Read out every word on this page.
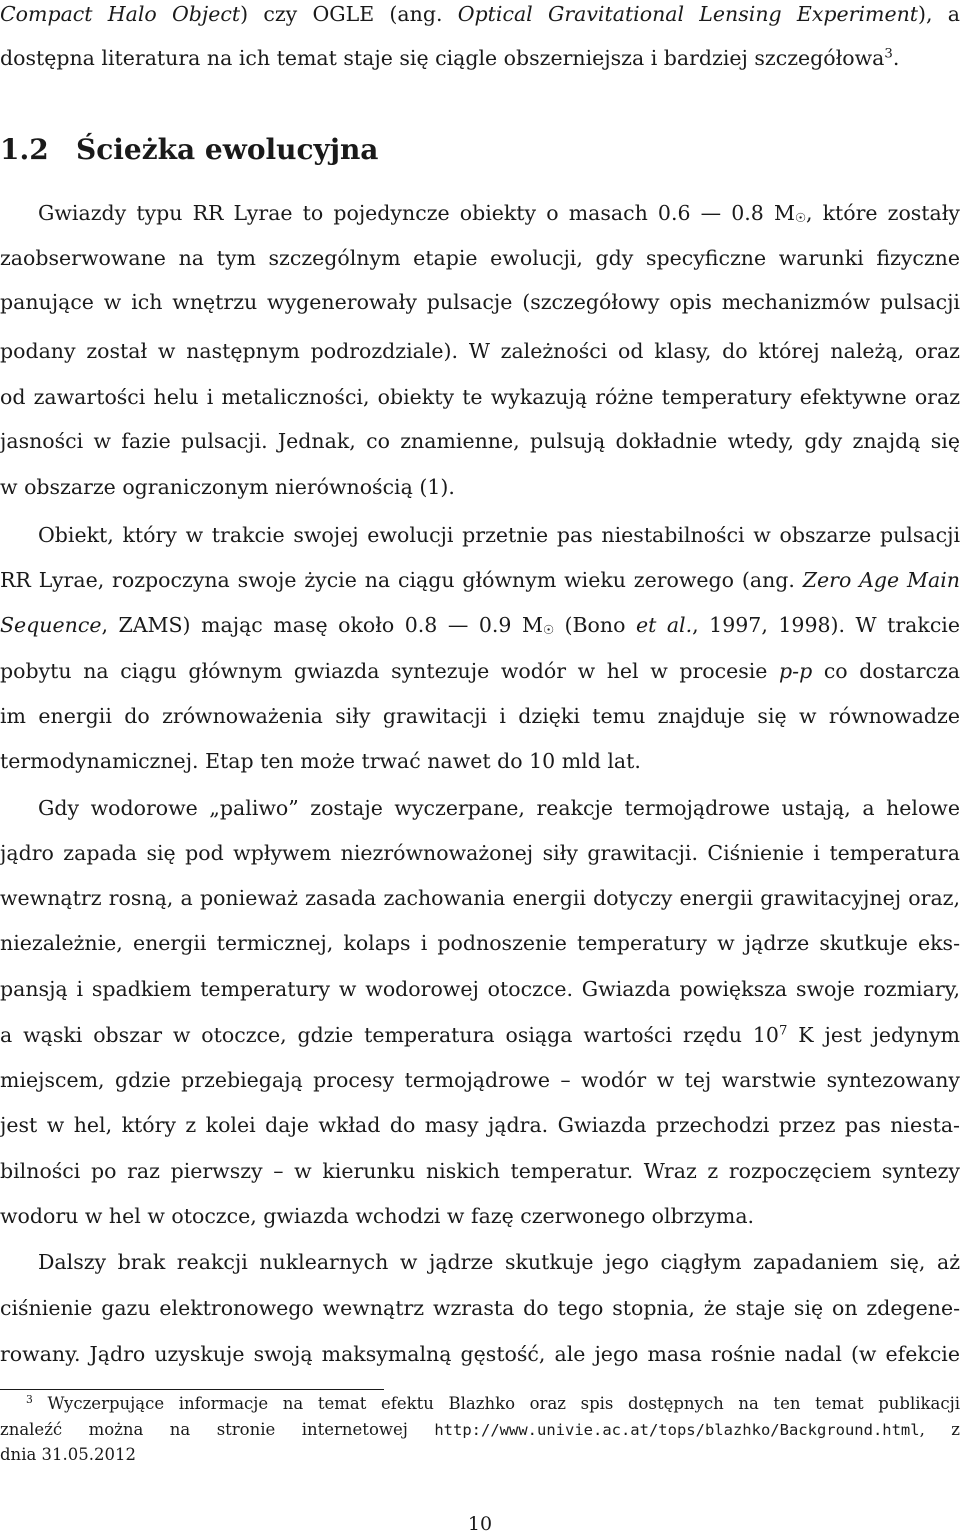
Compact Halo Object) czy OGLE (ang. Optical Gravitational Lensing Experiment), a
dostępna literatura na ich temat staje się ciągle obszerniejsza i bardziej szczegółowa$^3$.
1.2 Ścieżka ewolucyjna
Gwiazdy typu RR Lyrae to pojedyncze obiekty o masach 0.6 — 0.8 $M_☉$, które zostały
zaobserwowane na tym szczególnym etapie ewolucji, gdy specyficzne warunki fizyczne
panujące w ich wnętrzu wygenerowały pulsacje (szczegółowy opis mechanizmów pulsacji
podany został w następnym podrozdziale). W zależności od klasy, do której należą, oraz
od zawartości helu i metaliczności, obiekty te wykazują różne temperatury efektywne oraz
jasności w fazie pulsacji. Jednak, co znamienne, pulsują dokładnie wtedy, gdy znajdą się
w obszarze ograniczonym nierównością (1).
Obiekt, który w trakcie swojej ewolucji przetnie pas niestabilności w obszarze pulsacji
RR Lyrae, rozpoczyna swoje życie na ciągu głównym wieku zerowego (ang. Zero Age Main
Sequence, ZAMS) mając masę około 0.8 — 0.9 $M_☉$ (Bono et al., 1997, 1998). W trakcie
pobytu na ciągu głównym gwiazda syntezuje wodór w hel w procesie p-p co dostarcza
im energii do zrównoważenia siły grawitacji i dzięki temu znajduje się w równowadze
termodynamicznej. Etap ten może trwać nawet do 10 mld lat.
Gdy wodorowe „paliwo” zostaje wyczerpane, reakcje termojądrowe ustają, a helowe
jądro zapada się pod wpływem niezrównoważonej siły grawitacji. Ciśnienie i temperatura
wewnątrz rosną, a ponieważ zasada zachowania energii dotyczy energii grawitacyjnej oraz,
niezależnie, energii termicznej, kolaps i podnoszenie temperatury w jądrze skutkuje eks-
pansją i spadkiem temperatury w wodorowej otoczce. Gwiazda powiększa swoje rozmiary,
a wąski obszar w otoczce, gdzie temperatura osiąga wartości rzędu $10^7$ K jest jedynym
miejscem, gdzie przebiegają procesy termojądrowe – wodór w tej warstwie syntezowany
jest w hel, który z kolei daje wkład do masy jądra. Gwiazda przechodzi przez pas niesta-
bilności po raz pierwszy – w kierunku niskich temperatur. Wraz z rozpoczęciem syntezy
wodoru w hel w otoczce, gwiazda wchodzi w fazę czerwonego olbrzyma.
Dalszy brak reakcji nuklearnych w jądrze skutkuje jego ciągłym zapadaniem się, aż
ciśnienie gazu elektronowego wewnątrz wzrasta do tego stopnia, że staje się on zdegene-
rowany. Jądro uzyskuje swoją maksymalną gęstość, ale jego masa rośnie nadal (w efekcie
$^3$ Wyczerpujące informacje na temat efektu Blazhko oraz spis dostępnych na ten temat publikacji
znaleźć można na stronie internetowej http://www.univie.ac.at/tops/blazhko/Background.html, z
dnia 31.05.2012
10
